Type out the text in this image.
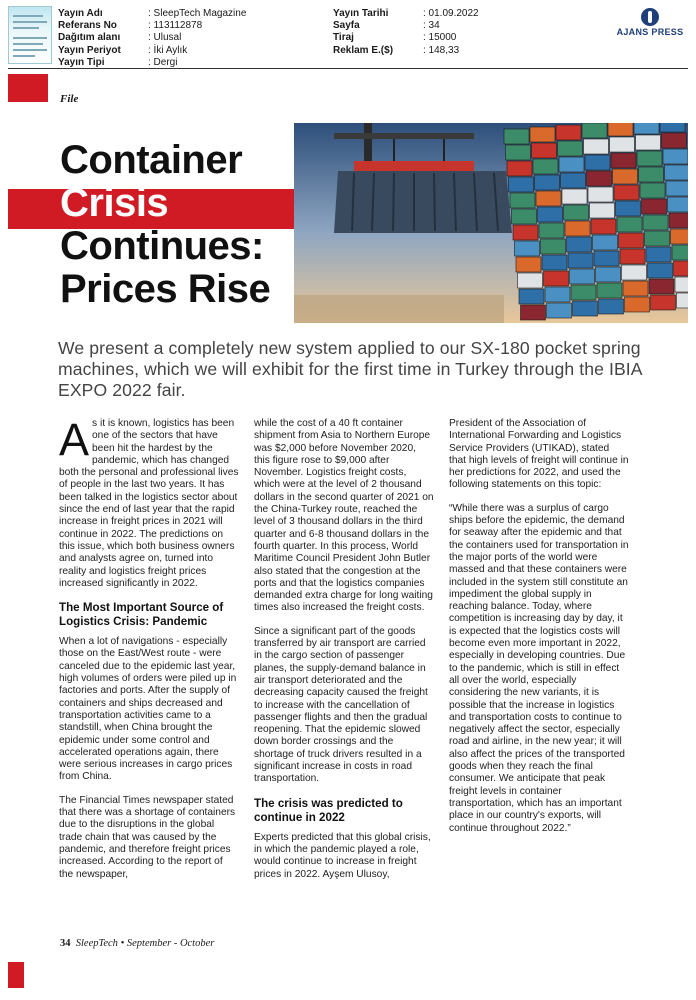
Yayın Adı	: SleepTech Magazine
Referans No	: 113112878
Dağıtım alanı	: Ulusal
Yayın Periyot	: İki Aylık
Yayın Tipi	: Dergi
Yayın Tarihi	: 01.09.2022
Sayfa	: 34
Tiraj	: 15000
Reklam E.($)	: 148,33
AJANS PRESS
File
Container
Crisis
Continues:
Prices Rise
We present a completely new system applied to our SX-180 pocket spring machines, which we will exhibit for the first time in Turkey through the IBIA EXPO 2022 fair.

As it is known, logistics has been one of the sectors that have been hit the hardest by the pandemic, which has changed both the personal and professional lives of people in the last two years. It has been talked in the logistics sector about since the end of last year that the rapid increase in freight prices in 2021 will continue in 2022. The predictions on this issue, which both business owners and analysts agree on, turned into reality and logistics freight prices increased significantly in 2022.

The Most Important Source of Logistics Crisis: Pandemic

When a lot of navigations - especially those on the East/West route - were canceled due to the epidemic last year, high volumes of orders were piled up in factories and ports. After the supply of containers and ships decreased and transportation activities came to a standstill, when China brought the epidemic under some control and accelerated operations again, there were serious increases in cargo prices from China.

The Financial Times newspaper stated that there was a shortage of containers due to the disruptions in the global trade chain that was caused by the pandemic, and therefore freight prices increased. According to the report of the newspaper,

while the cost of a 40 ft container shipment from Asia to Northern Europe was $2,000 before November 2020, this figure rose to $9,000 after November. Logistics freight costs, which were at the level of 2 thousand dollars in the second quarter of 2021 on the China-Turkey route, reached the level of 3 thousand dollars in the third quarter and 6-8 thousand dollars in the fourth quarter. In this process, World Maritime Council President John Butler also stated that the congestion at the ports and that the logistics companies demanded extra charge for long waiting times also increased the freight costs.

Since a significant part of the goods transferred by air transport are carried in the cargo section of passenger planes, the supply-demand balance in air transport deteriorated and the decreasing capacity caused the freight to increase with the cancellation of passenger flights and then the gradual reopening. That the epidemic slowed down border crossings and the shortage of truck drivers resulted in a significant increase in costs in road transportation.

The crisis was predicted to continue in 2022

Experts predicted that this global crisis, in which the pandemic played a role, would continue to increase in freight prices in 2022. Ayşem Ulusoy,

President of the Association of International Forwarding and Logistics Service Providers (UTIKAD), stated that high levels of freight will continue in her predictions for 2022, and used the following statements on this topic:

“While there was a surplus of cargo ships before the epidemic, the demand for seaway after the epidemic and that the containers used for transportation in the major ports of the world were massed and that these containers were included in the system still constitute an impediment the global supply in reaching balance. Today, where competition is increasing day by day, it is expected that the logistics costs will become even more important in 2022, especially in developing countries. Due to the pandemic, which is still in effect all over the world, especially considering the new variants, it is possible that the increase in logistics and transportation costs to continue to negatively affect the sector, especially road and airline, in the new year; it will also affect the prices of the transported goods when they reach the final consumer. We anticipate that peak freight levels in container transportation, which has an important place in our country's exports, will continue throughout 2022.”

34 SleepTech • September - October
